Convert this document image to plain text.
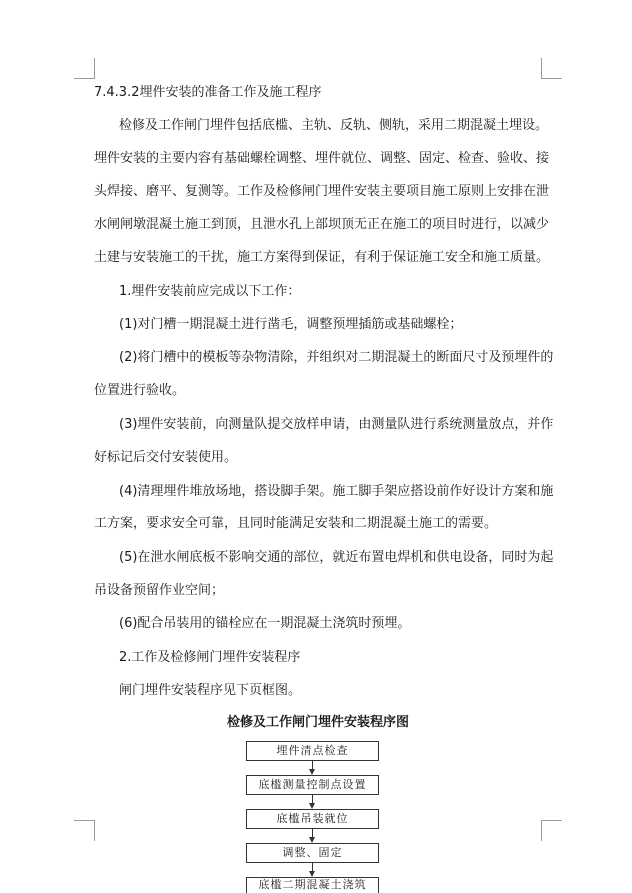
7.4.3.2埋件安装的准备工作及施工程序

检修及工作闸门埋件包括底槛、主轨、反轨、侧轨，采用二期混凝土埋设。

埋件安装的主要内容有基础螺栓调整、埋件就位、调整、固定、检查、验收、接

头焊接、磨平、复测等。工作及检修闸门埋件安装主要项目施工原则上安排在泄

水闸闸墩混凝土施工到顶，且泄水孔上部坝顶无正在施工的项目时进行，以减少

土建与安装施工的干扰，施工方案得到保证，有利于保证施工安全和施工质量。

1.埋件安装前应完成以下工作：

(1)对门槽一期混凝土进行凿毛，调整预埋插筋或基础螺栓；

(2)将门槽中的模板等杂物清除，并组织对二期混凝土的断面尺寸及预埋件的

位置进行验收。

(3)埋件安装前，向测量队提交放样申请，由测量队进行系统测量放点，并作

好标记后交付安装使用。

(4)清理埋件堆放场地，搭设脚手架。施工脚手架应搭设前作好设计方案和施

工方案，要求安全可靠，且同时能满足安装和二期混凝土施工的需要。

(5)在泄水闸底板不影响交通的部位，就近布置电焊机和供电设备，同时为起

吊设备预留作业空间；

(6)配合吊装用的锚栓应在一期混凝土浇筑时预埋。

2.工作及检修闸门埋件安装程序

闸门埋件安装程序见下页框图。

检修及工作闸门埋件安装程序图

埋件清点检查
底槛测量控制点设置
底槛吊装就位
调整、固定
底槛二期混凝土浇筑
